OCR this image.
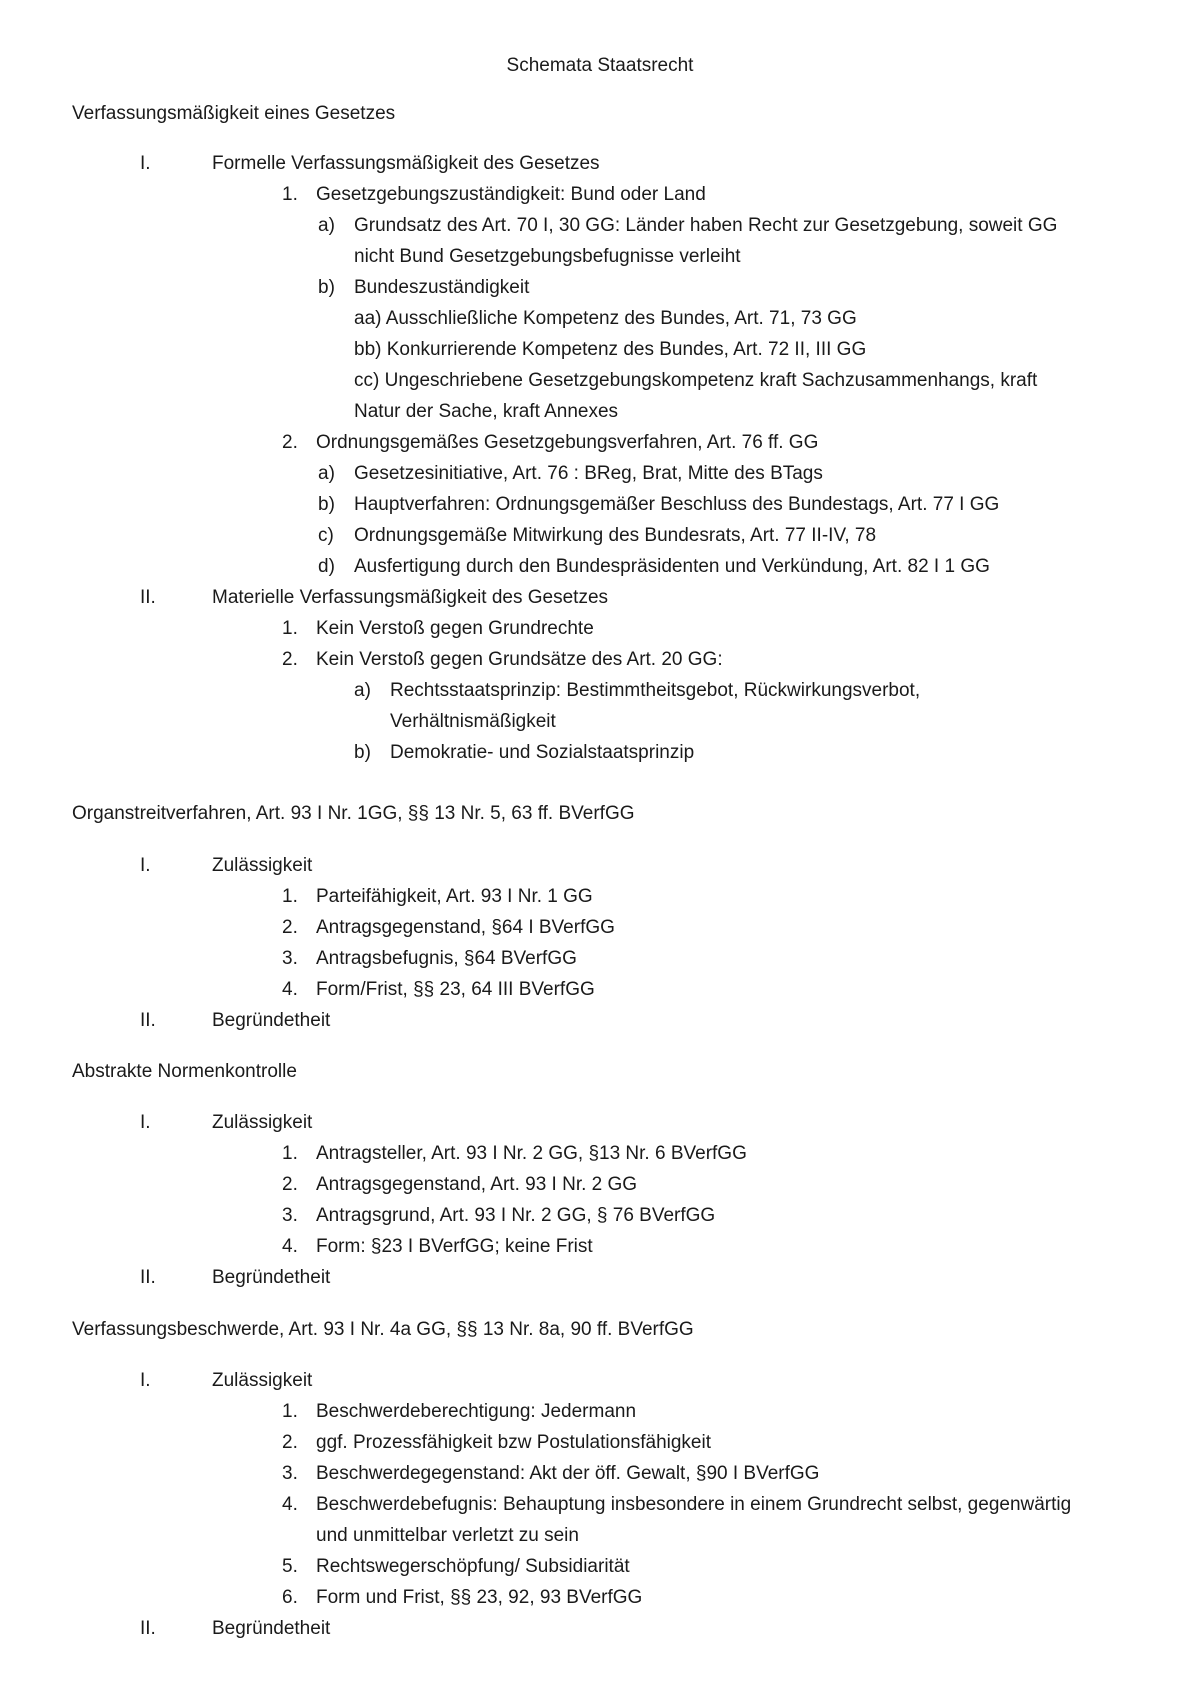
Schemata Staatsrecht
Verfassungsmäßigkeit eines Gesetzes
I.	Formelle Verfassungsmäßigkeit des Gesetzes
1. Gesetzgebungszuständigkeit: Bund oder Land
a) Grundsatz des Art. 70 I, 30 GG: Länder haben Recht zur Gesetzgebung, soweit GG
nicht Bund Gesetzgebungsbefugnisse verleiht
b) Bundeszuständigkeit
aa) Ausschließliche Kompetenz des Bundes, Art. 71, 73 GG
bb) Konkurrierende Kompetenz des Bundes, Art. 72 II, III GG
cc) Ungeschriebene Gesetzgebungskompetenz kraft Sachzusammenhangs, kraft
Natur der Sache, kraft Annexes
2. Ordnungsgemäßes Gesetzgebungsverfahren, Art. 76 ff. GG
a) Gesetzesinitiative, Art. 76 : BReg, Brat, Mitte des BTags
b) Hauptverfahren: Ordnungsgemäßer Beschluss des Bundestags, Art. 77 I GG
c) Ordnungsgemäße Mitwirkung des Bundesrats, Art. 77 II-IV, 78
d) Ausfertigung durch den Bundespräsidenten und Verkündung, Art. 82 I 1 GG
II.	Materielle Verfassungsmäßigkeit des Gesetzes
1. Kein Verstoß gegen Grundrechte
2. Kein Verstoß gegen Grundsätze des Art. 20 GG:
a) Rechtsstaatsprinzip: Bestimmtheitsgebot, Rückwirkungsverbot,
Verhältnismäßigkeit
b) Demokratie- und Sozialstaatsprinzip
Organstreitverfahren, Art. 93 I Nr. 1GG, §§ 13 Nr. 5, 63 ff. BVerfGG
I.	Zulässigkeit
1. Parteifähigkeit, Art. 93 I Nr. 1 GG
2. Antragsgegenstand, §64 I BVerfGG
3. Antragsbefugnis, §64 BVerfGG
4. Form/Frist, §§ 23, 64 III BVerfGG
II.	Begründetheit
Abstrakte Normenkontrolle
I.	Zulässigkeit
1. Antragsteller, Art. 93 I Nr. 2 GG, §13 Nr. 6 BVerfGG
2. Antragsgegenstand, Art. 93 I Nr. 2 GG
3. Antragsgrund, Art. 93 I Nr. 2 GG, § 76 BVerfGG
4. Form: §23 I BVerfGG; keine Frist
II.	Begründetheit
Verfassungsbeschwerde, Art. 93 I Nr. 4a GG, §§ 13 Nr. 8a, 90 ff. BVerfGG
I.	Zulässigkeit
1. Beschwerdeberechtigung: Jedermann
2. ggf. Prozessfähigkeit bzw Postulationsfähigkeit
3. Beschwerdegegenstand: Akt der öff. Gewalt, §90 I BVerfGG
4. Beschwerdebefugnis: Behauptung insbesondere in einem Grundrecht selbst, gegenwärtig
und unmittelbar verletzt zu sein
5. Rechtswegerschöpfung/ Subsidiarität
6. Form und Frist, §§ 23, 92, 93 BVerfGG
II.	Begründetheit
